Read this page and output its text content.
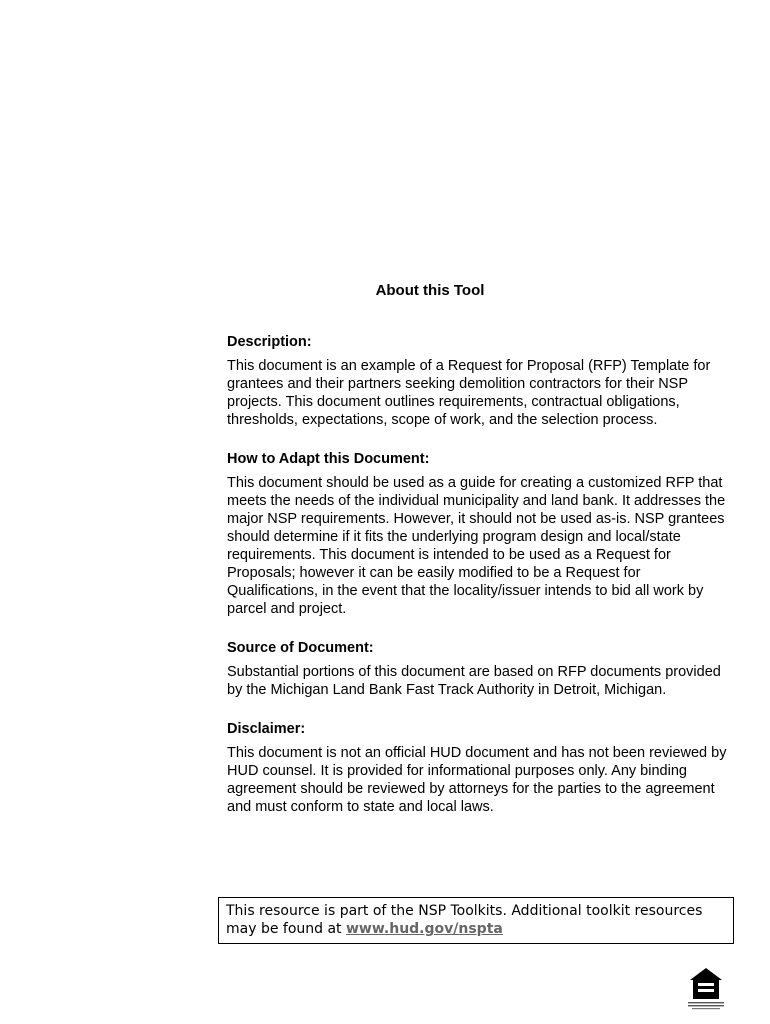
About this Tool

Description:

This document is an example of a Request for Proposal (RFP) Template for grantees and their partners seeking demolition contractors for their NSP projects. This document outlines requirements, contractual obligations, thresholds, expectations, scope of work, and the selection process.

How to Adapt this Document:

This document should be used as a guide for creating a customized RFP that meets the needs of the individual municipality and land bank. It addresses the major NSP requirements. However, it should not be used as-is. NSP grantees should determine if it fits the underlying program design and local/state requirements. This document is intended to be used as a Request for Proposals; however it can be easily modified to be a Request for Qualifications, in the event that the locality/issuer intends to bid all work by parcel and project.

Source of Document:

Substantial portions of this document are based on RFP documents provided by the Michigan Land Bank Fast Track Authority in Detroit, Michigan.

Disclaimer:

This document is not an official HUD document and has not been reviewed by HUD counsel. It is provided for informational purposes only. Any binding agreement should be reviewed by attorneys for the parties to the agreement and must conform to state and local laws.

This resource is part of the NSP Toolkits. Additional toolkit resources may be found at www.hud.gov/nspta
